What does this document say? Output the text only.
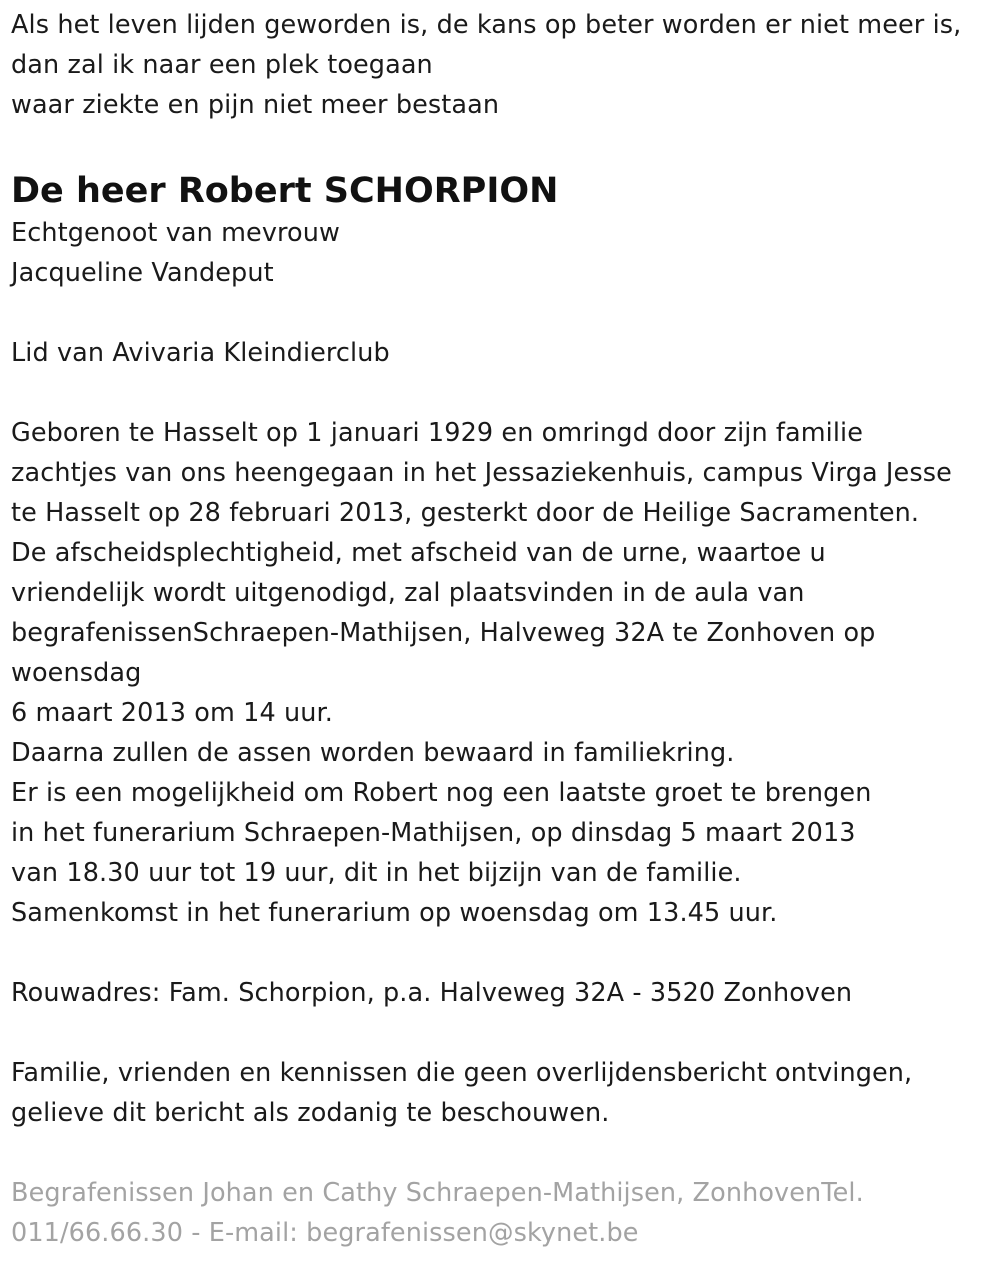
Als het leven lijden geworden is, de kans op beter worden er niet meer is,
dan zal ik naar een plek toegaan
waar ziekte en pijn niet meer bestaan
De heer Robert SCHORPION
Echtgenoot van mevrouw
Jacqueline Vandeput
Lid van Avivaria Kleindierclub
Geboren te Hasselt op 1 januari 1929 en omringd door zijn familie
zachtjes van ons heengegaan in het Jessaziekenhuis, campus Virga Jesse
te Hasselt op 28 februari 2013, gesterkt door de Heilige Sacramenten.
De afscheidsplechtigheid, met afscheid van de urne, waartoe u
vriendelijk wordt uitgenodigd, zal plaatsvinden in de aula van
begrafenissenSchraepen-Mathijsen, Halveweg 32A te Zonhoven op
woensdag
6 maart 2013 om 14 uur.
Daarna zullen de assen worden bewaard in familiekring.
Er is een mogelijkheid om Robert nog een laatste groet te brengen
in het funerarium Schraepen-Mathijsen, op dinsdag 5 maart 2013
van 18.30 uur tot 19 uur, dit in het bijzijn van de familie.
Samenkomst in het funerarium op woensdag om 13.45 uur.
Rouwadres: Fam. Schorpion, p.a. Halveweg 32A - 3520 Zonhoven
Familie, vrienden en kennissen die geen overlijdensbericht ontvingen,
gelieve dit bericht als zodanig te beschouwen.
Begrafenissen Johan en Cathy Schraepen-Mathijsen, ZonhovenTel.
011/66.66.30 - E-mail: begrafenissen@skynet.be
